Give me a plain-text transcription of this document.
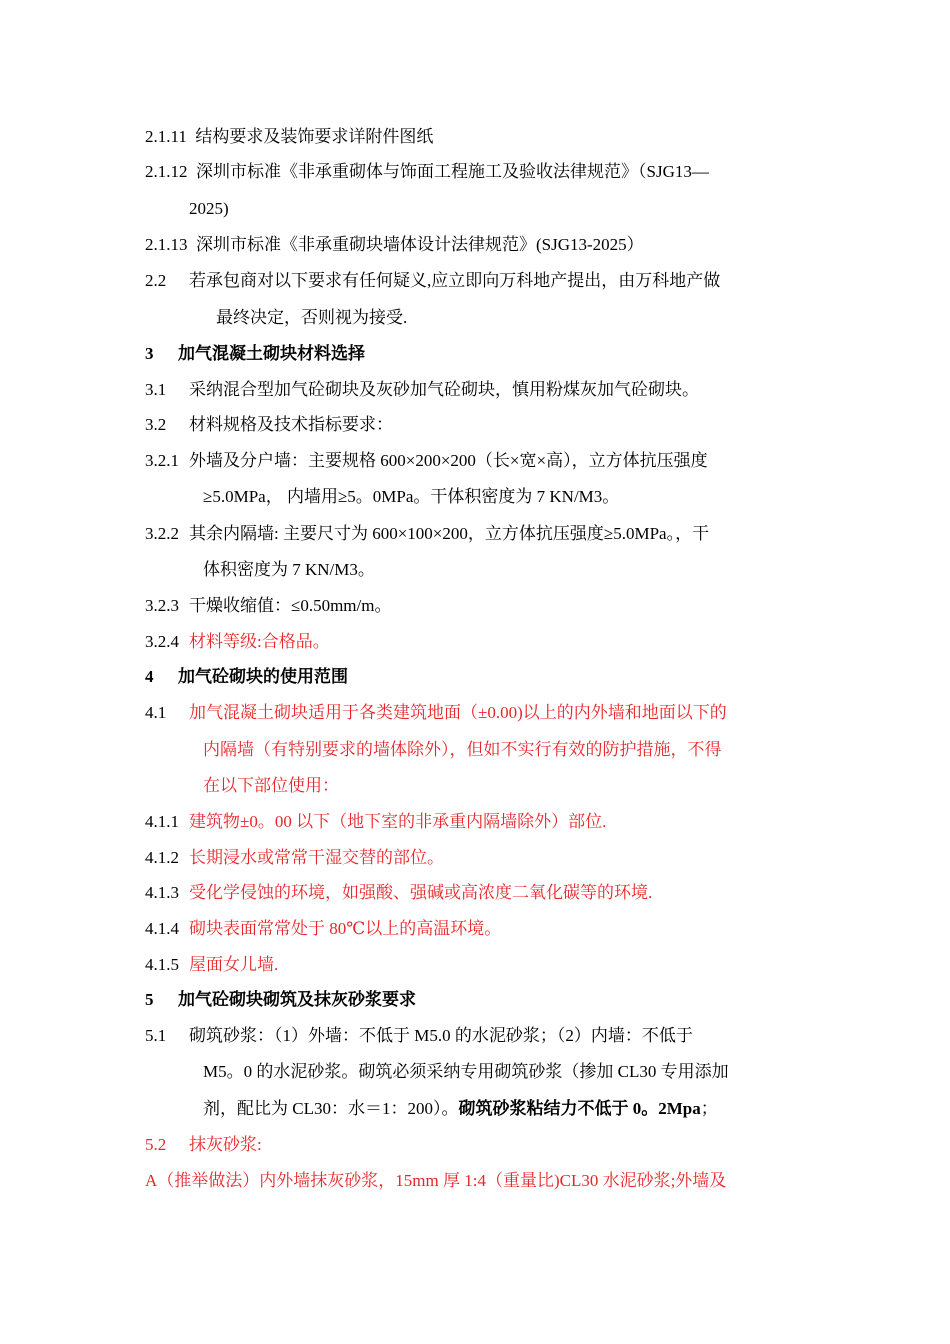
2.1.11 结构要求及装饰要求详附件图纸
2.1.12 深圳市标准《非承重砌体与饰面工程施工及验收法律规范》（SJG13—
2025)
2.1.13 深圳市标准《非承重砌块墙体设计法律规范》(SJG13-2025）
2.2 若承包商对以下要求有任何疑义,应立即向万科地产提出，由万科地产做
最终决定，否则视为接受.
3 加气混凝土砌块材料选择
3.1 采纳混合型加气砼砌块及灰砂加气砼砌块，慎用粉煤灰加气砼砌块。
3.2 材料规格及技术指标要求：
3.2.1 外墙及分户墙：主要规格 600×200×200（长×宽×高），立方体抗压强度
≥5.0MPa， 内墙用≥5。0MPa。干体积密度为 7 KN/M3。
3.2.2 其余内隔墙: 主要尺寸为 600×100×200，立方体抗压强度≥5.0MPa。，干
体积密度为 7 KN/M3。
3.2.3 干燥收缩值：≤0.50mm/m。
3.2.4 材料等级:合格品。
4 加气砼砌块的使用范围
4.1 加气混凝土砌块适用于各类建筑地面（±0.00)以上的内外墙和地面以下的
内隔墙（有特别要求的墙体除外），但如不实行有效的防护措施，不得
在以下部位使用：
4.1.1 建筑物±0。00 以下（地下室的非承重内隔墙除外）部位.
4.1.2 长期浸水或常常干湿交替的部位。
4.1.3 受化学侵蚀的环境，如强酸、强碱或高浓度二氧化碳等的环境.
4.1.4 砌块表面常常处于 80℃以上的高温环境。
4.1.5 屋面女儿墙.
5 加气砼砌块砌筑及抹灰砂浆要求
5.1 砌筑砂浆：（1）外墙：不低于 M5.0 的水泥砂浆；（2）内墙：不低于
M5。0 的水泥砂浆。砌筑必须采纳专用砌筑砂浆（掺加 CL30 专用添加
剂，配比为 CL30：水＝1：200）。砌筑砂浆粘结力不低于 0。2Mpa；
5.2 抹灰砂浆:
A（推举做法）内外墙抹灰砂浆，15mm 厚 1:4（重量比)CL30 水泥砂浆;外墙及
